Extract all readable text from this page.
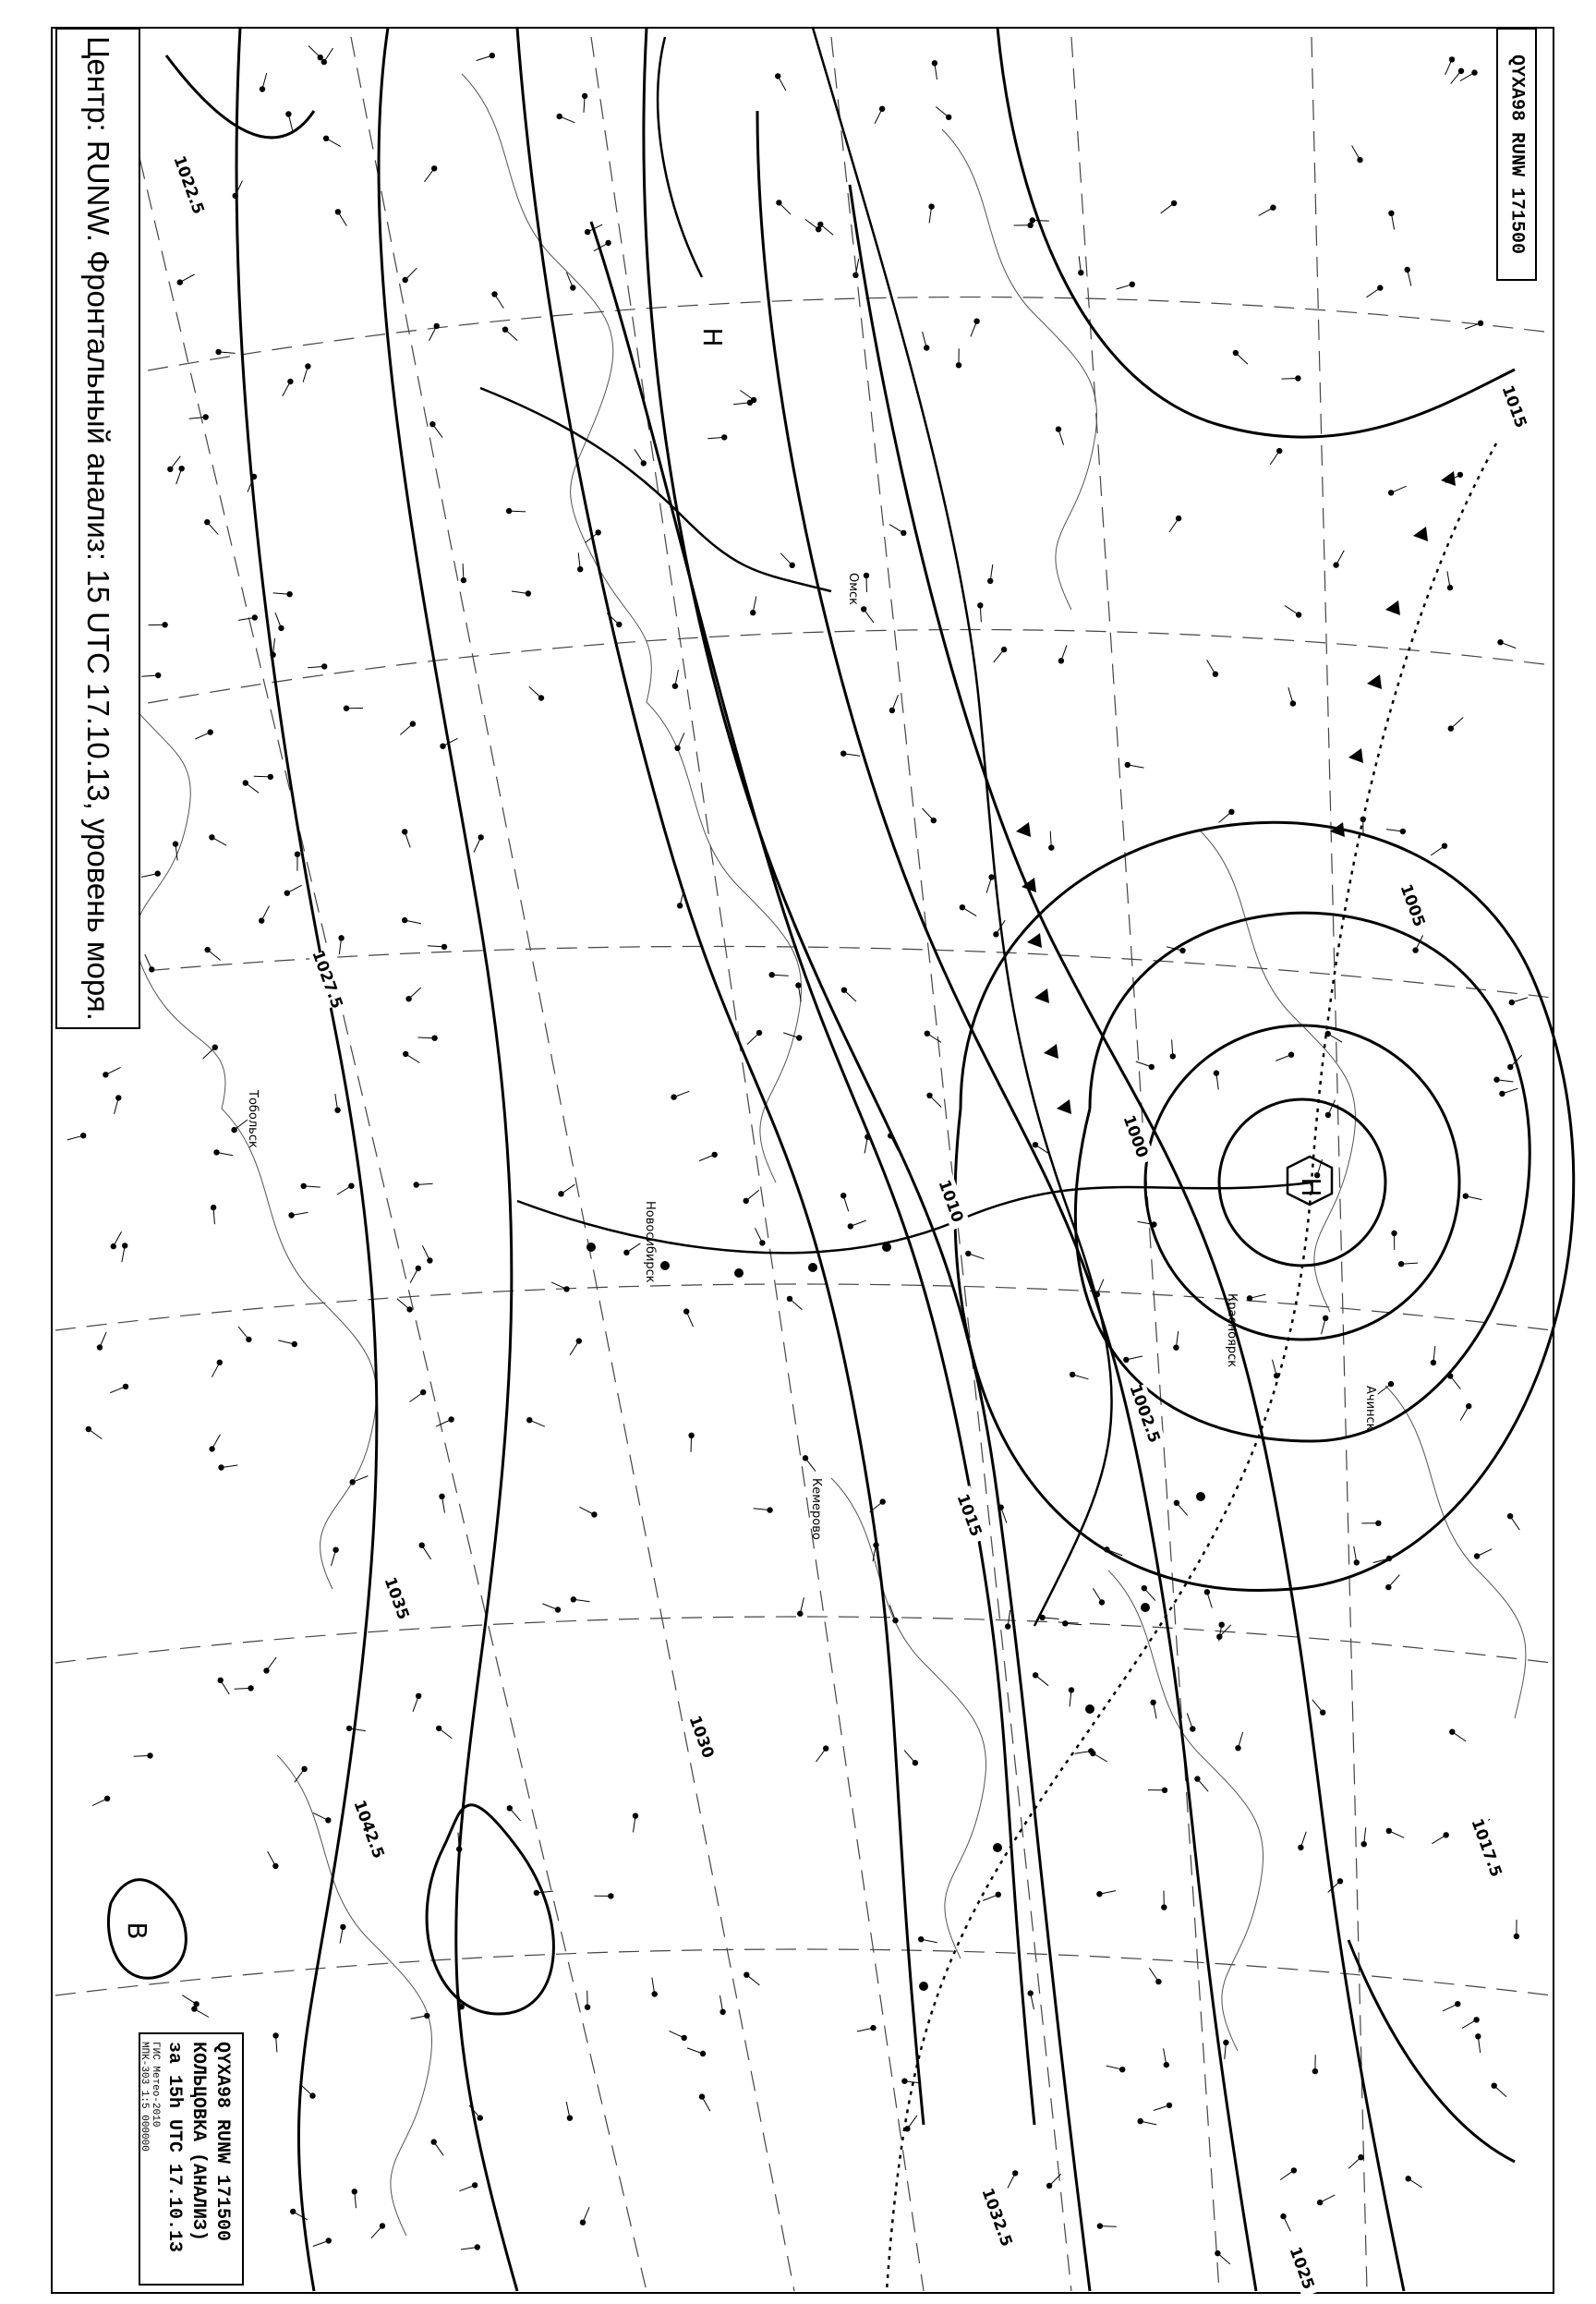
1022.5
1027.5
1015
1005
1000
1002.5
1010
1015
1035
1030
1032.5
1042.5	1017.5
1025
Н
Н
В
Новосибирск
Ачинск
Красноярск
Тобольск
Кемерово
Омск
Центр: RUNW. Фронтальный анализ: 15 UTC 17.10.13, уровень моря.	QYXA98 RUNW 171500
QYXA98 RUNW 171500
КОЛЬЦОВКА (АНАЛИЗ)
за 15h UTC 17.10.13
ГИС Метео-2010
МПК-303 1:5 000000
